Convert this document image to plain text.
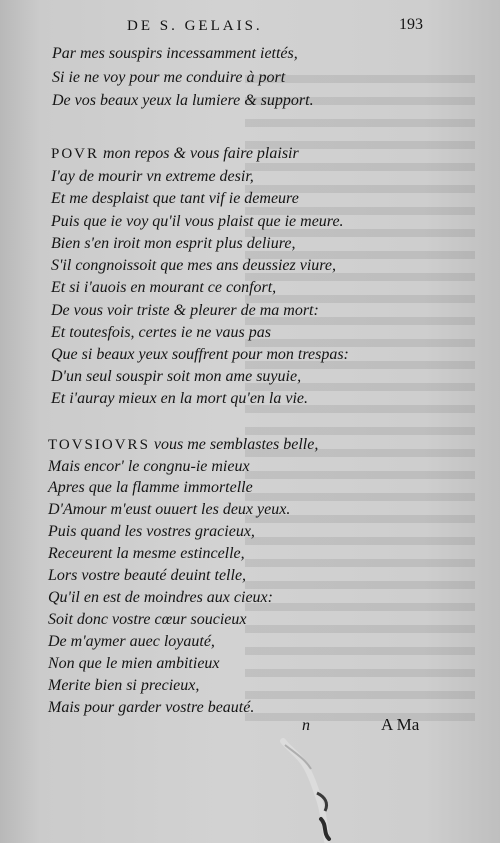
DE S. GELAIS.	193
Par mes souspirs incessamment iettés,
Si ie ne voy pour me conduire à port
De vos beaux yeux la lumiere & support.
POVR mon repos & vous faire plaisir
I'ay de mourir vn extreme desir,
Et me desplaist que tant vif ie demeure
Puis que ie voy qu'il vous plaist que ie meure.
Bien s'en iroit mon esprit plus deliure,
S'il congnoissoit que mes ans deussiez viure,
Et si i'auois en mourant ce confort,
De vous voir triste & pleurer de ma mort:
Et toutesfois, certes ie ne vaus pas
Que si beaux yeux souffrent pour mon trespas:
D'un seul souspir soit mon ame suyuie,
Et i'auray mieux en la mort qu'en la vie.
TOVSIOVRS vous me semblastes belle,
Mais encor' le congnu-ie mieux
Apres que la flamme immortelle
D'Amour m'eust ouuert les deux yeux.
Puis quand les vostres gracieux,
Receurent la mesme estincelle,
Lors vostre beauté deuint telle,
Qu'il en est de moindres aux cieux:
Soit donc vostre cœur soucieux
De m'aymer auec loyauté,
Non que le mien ambitieux
Merite bien si precieux,
Mais pour garder vostre beauté.
n	A Ma
